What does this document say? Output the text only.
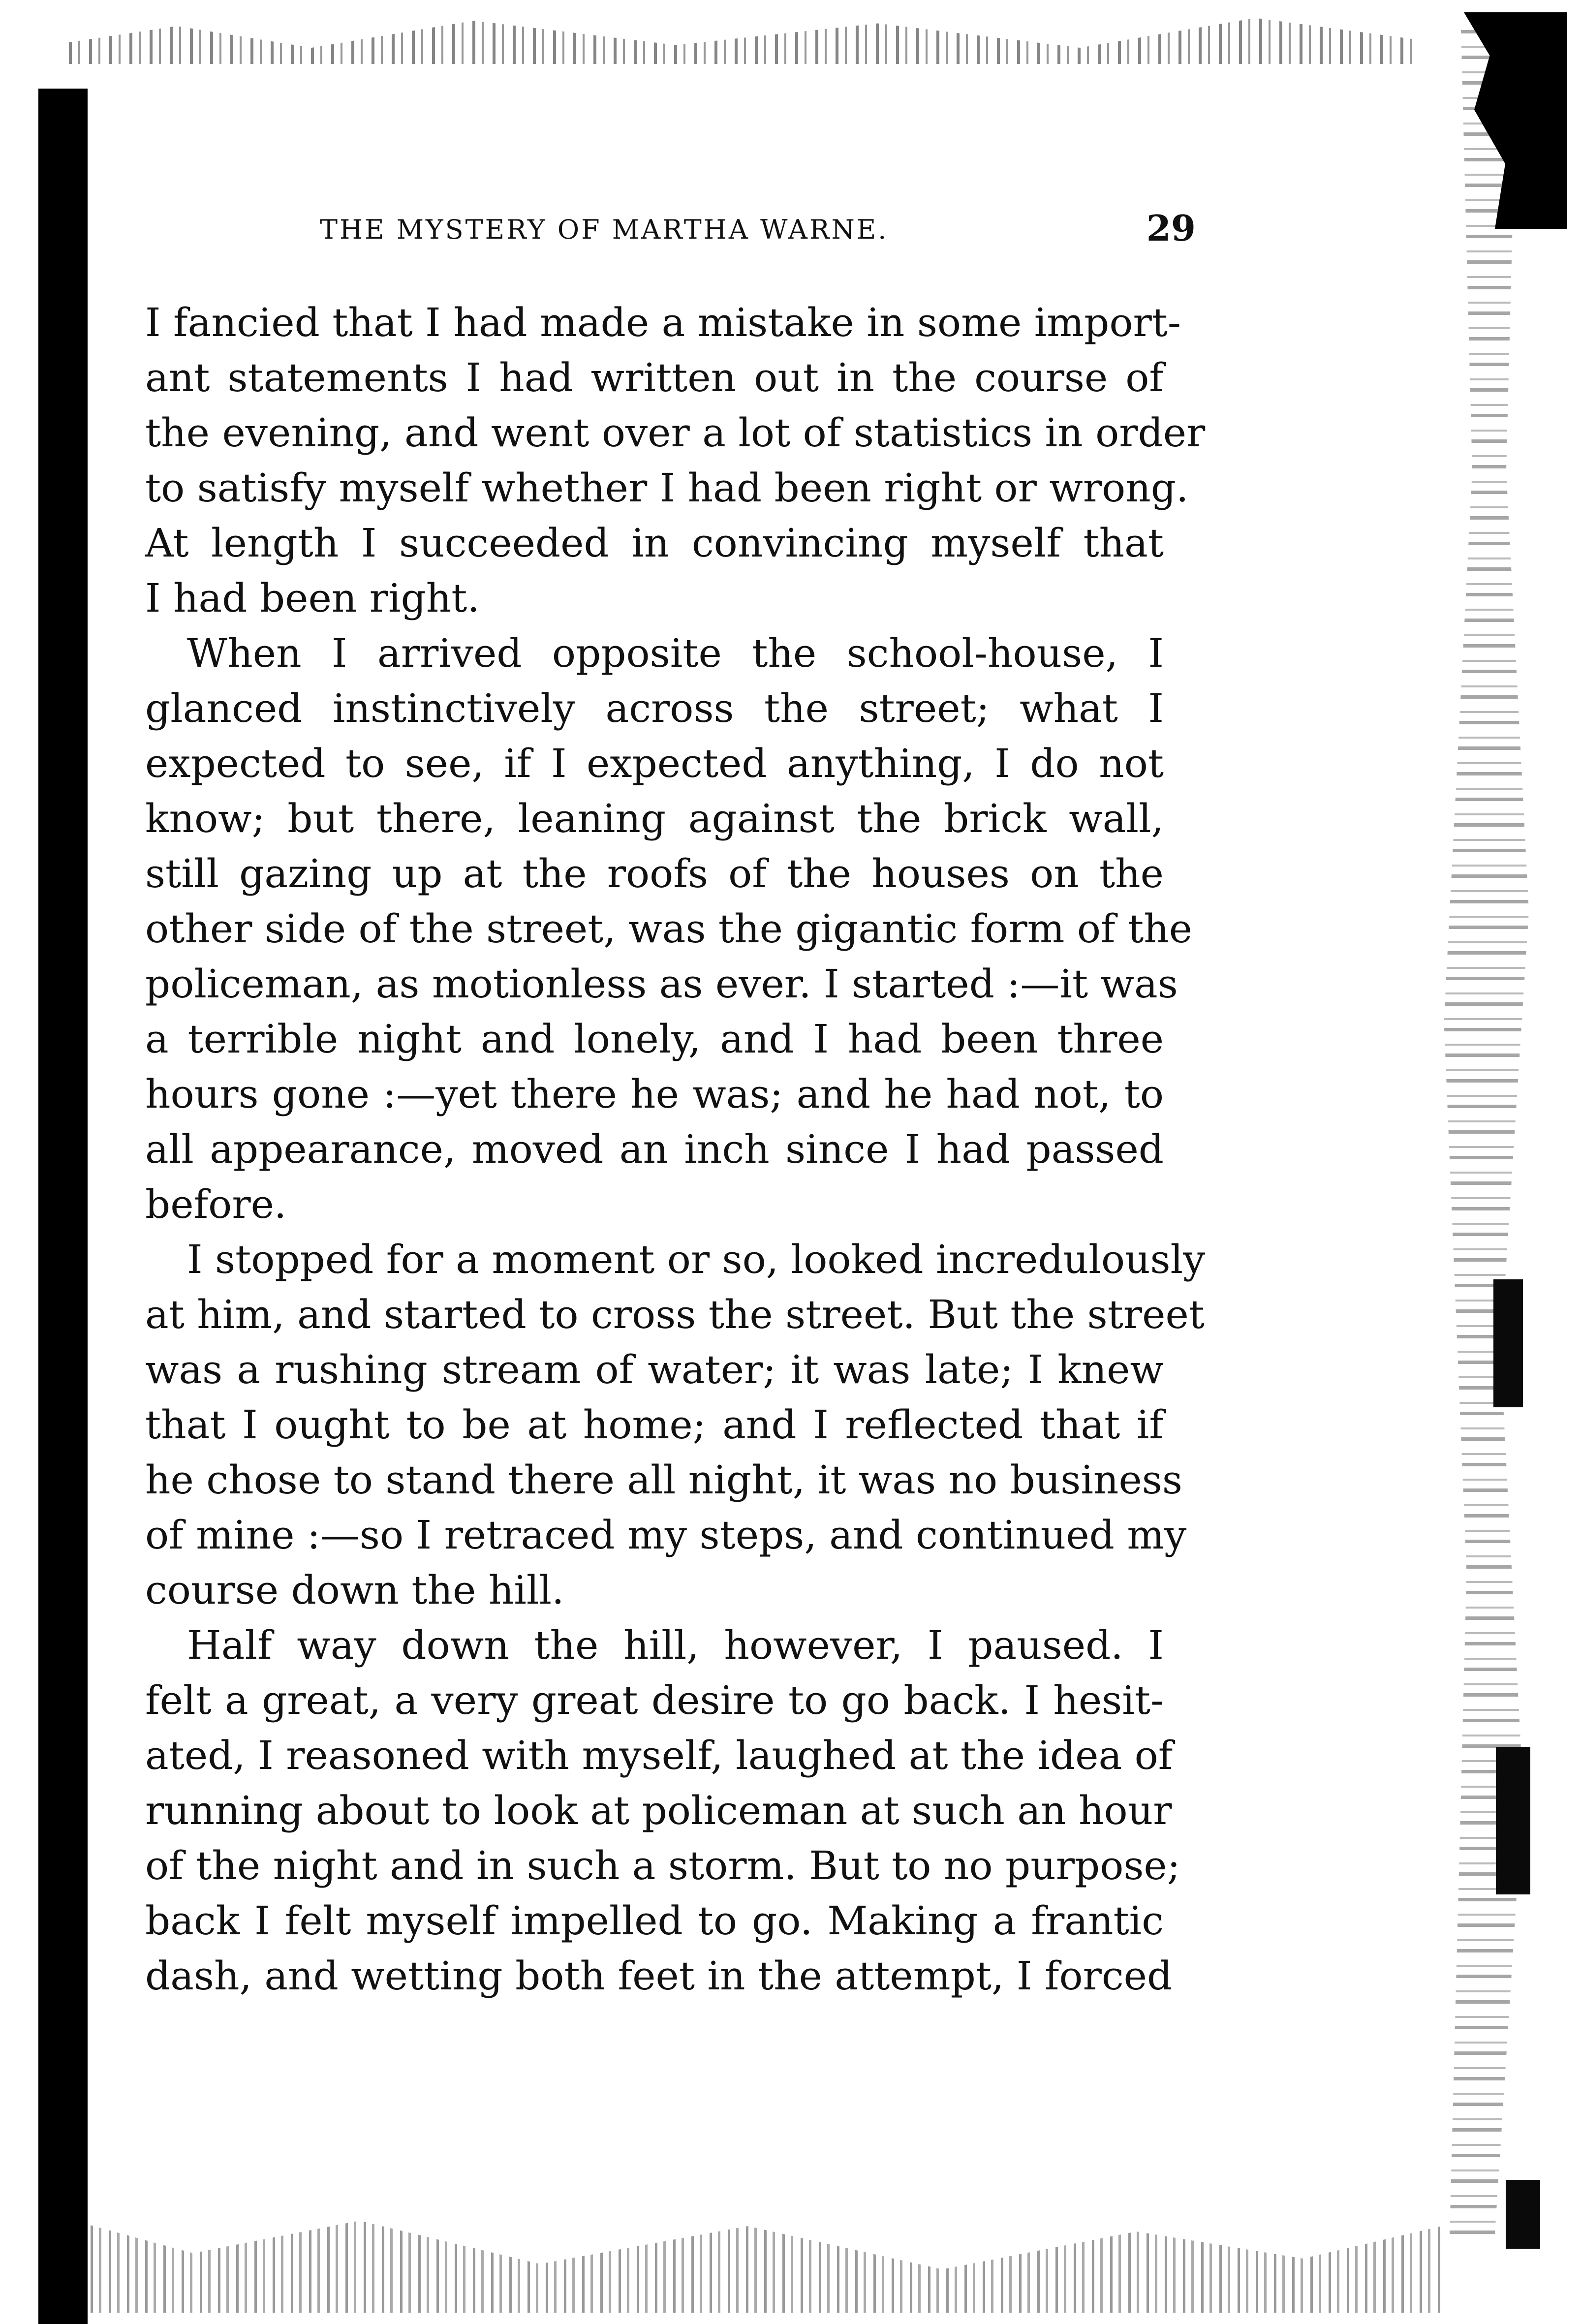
THE MYSTERY OF MARTHA WARNE.	29
I fancied that I had made a mistake in some import-
ant statements I had written out in the course of
the evening, and went over a lot of statistics in order
to satisfy myself whether I had been right or wrong.
At length I succeeded in convincing myself that
I had been right.
When I arrived opposite the school-house, I
glanced instinctively across the street; what I
expected to see, if I expected anything, I do not
know; but there, leaning against the brick wall,
still gazing up at the roofs of the houses on the
other side of the street, was the gigantic form of the
policeman, as motionless as ever. I started :—it was
a terrible night and lonely, and I had been three
hours gone :—yet there he was; and he had not, to
all appearance, moved an inch since I had passed
before.
I stopped for a moment or so, looked incredulously
at him, and started to cross the street. But the street
was a rushing stream of water; it was late; I knew
that I ought to be at home; and I reflected that if
he chose to stand there all night, it was no business
of mine :—so I retraced my steps, and continued my
course down the hill.
Half way down the hill, however, I paused. I
felt a great, a very great desire to go back. I hesit-
ated, I reasoned with myself, laughed at the idea of
running about to look at policeman at such an hour
of the night and in such a storm. But to no purpose;
back I felt myself impelled to go. Making a frantic
dash, and wetting both feet in the attempt, I forced
